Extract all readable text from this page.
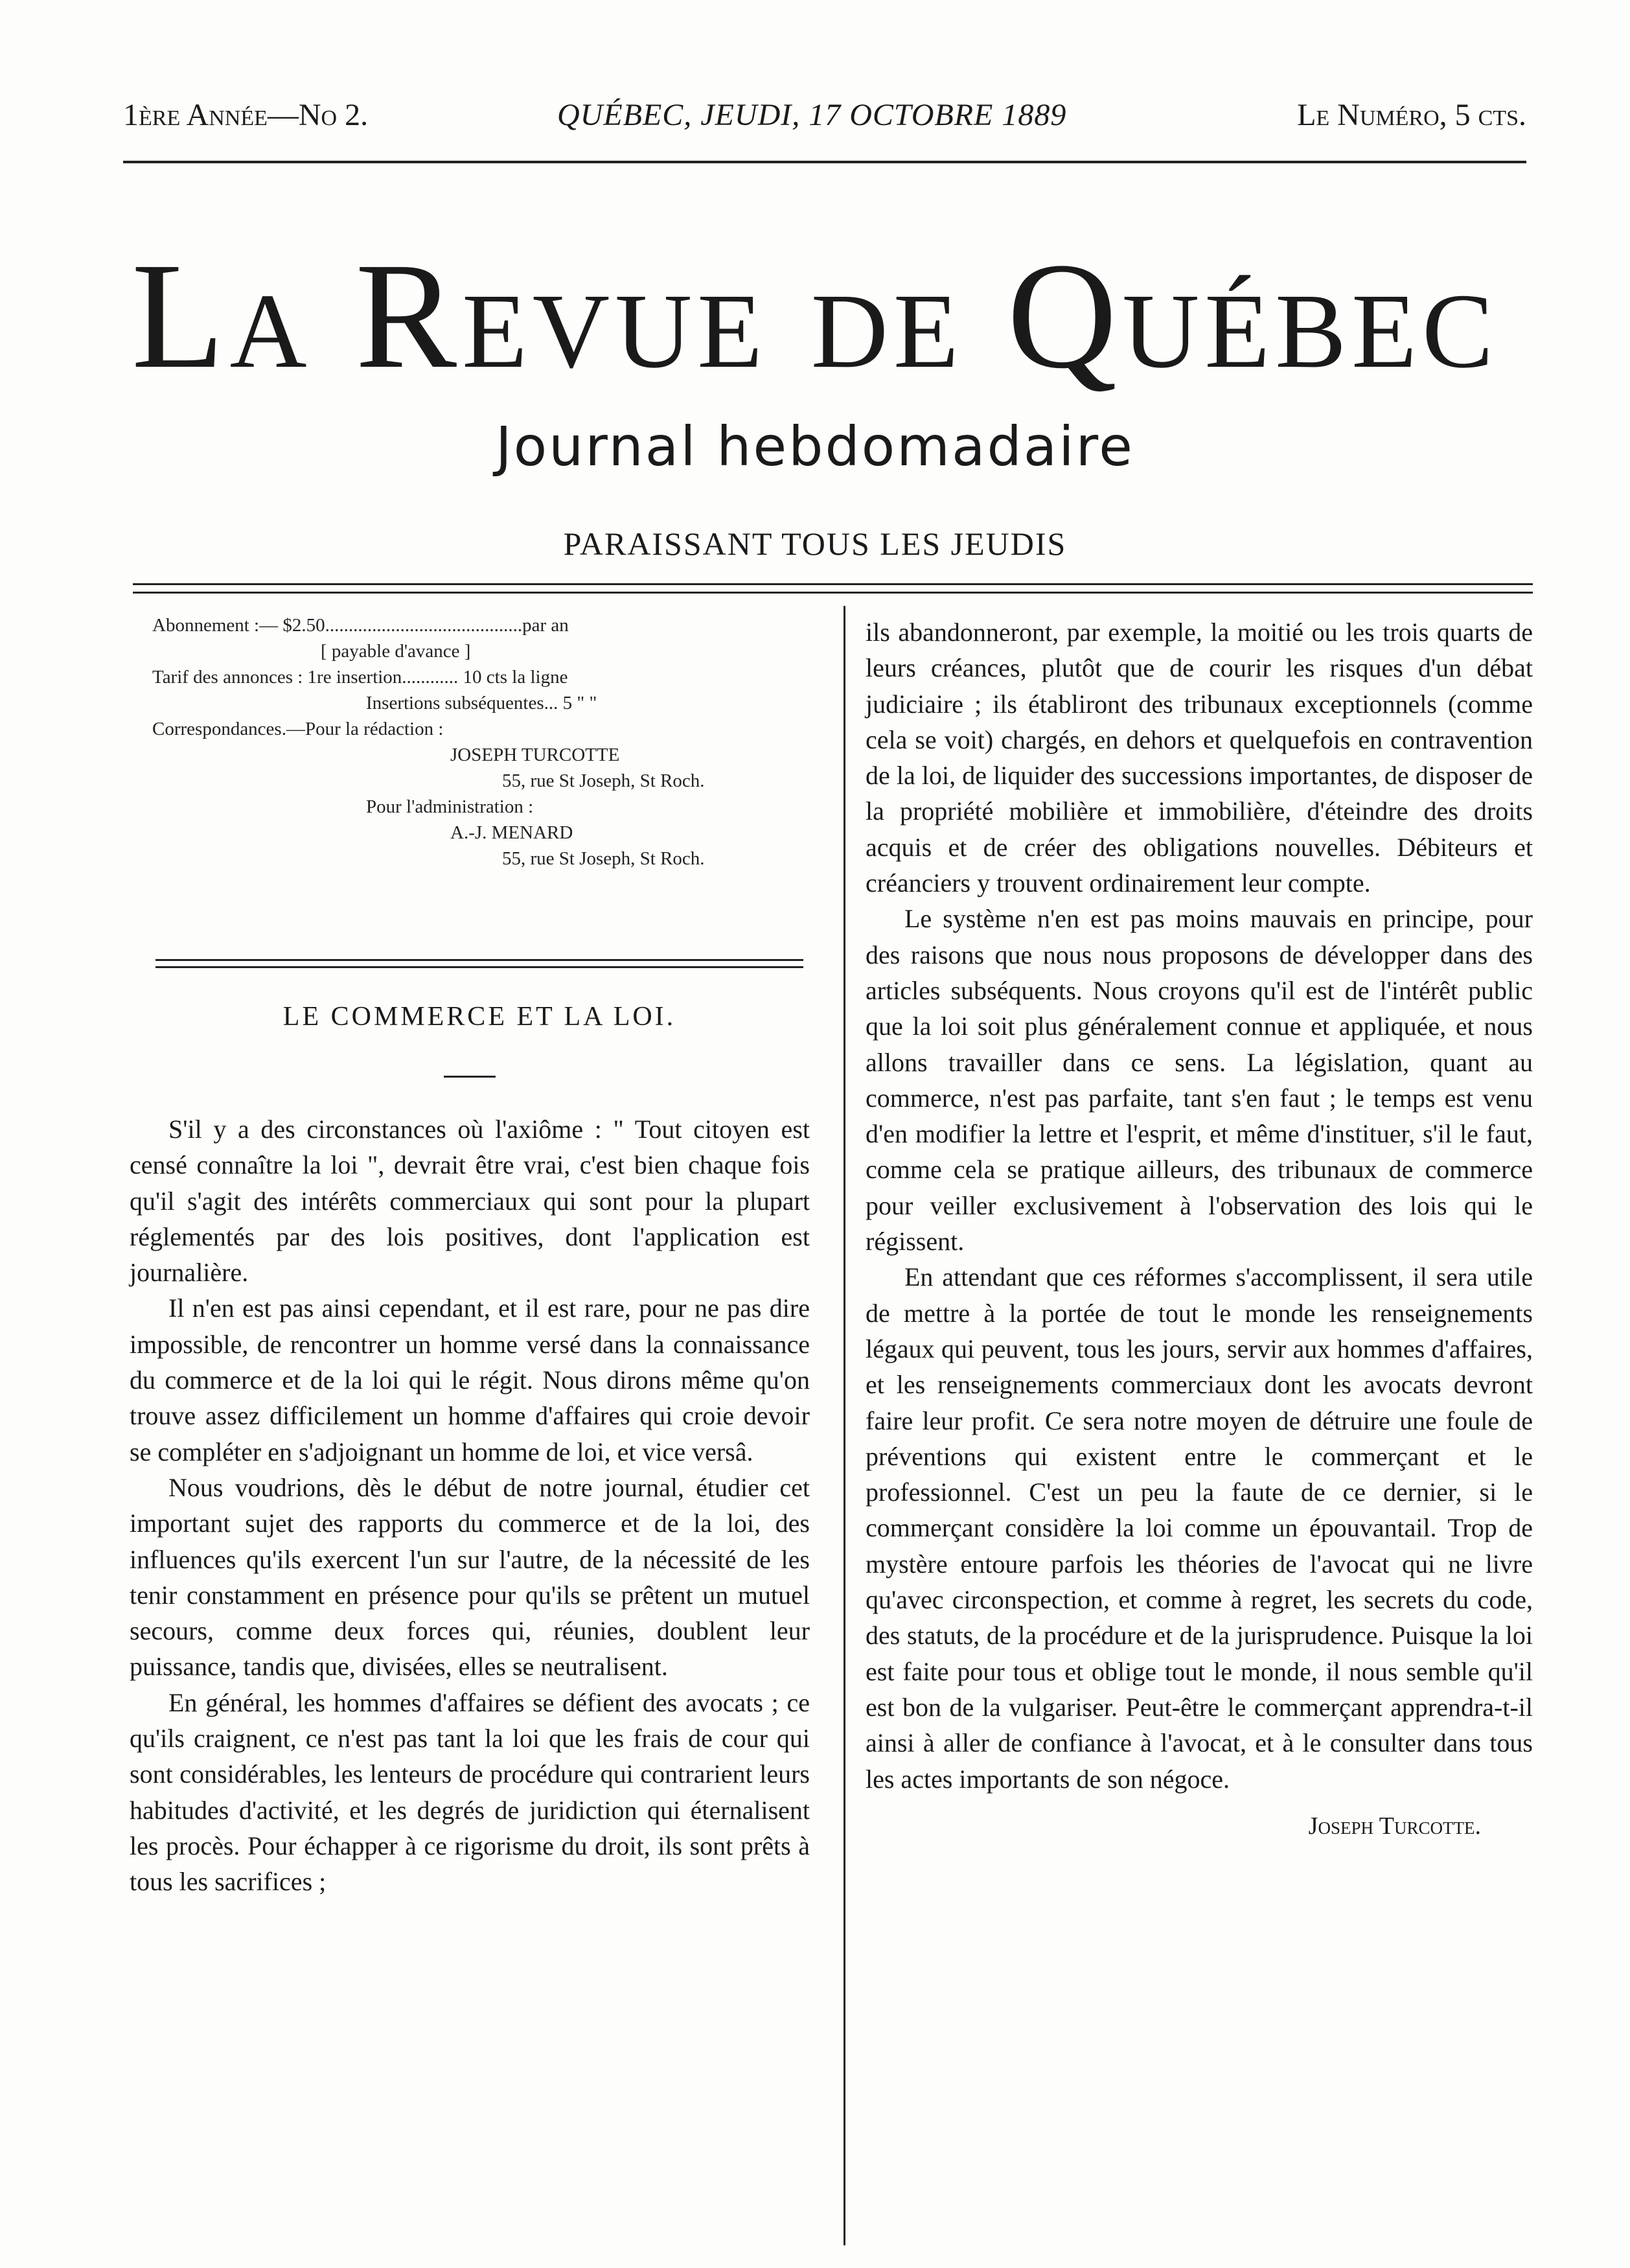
1ère Année—No 2.	QUÉBEC, JEUDI, 17 OCTOBRE 1889	Le Numéro, 5 cts.
La Revue de Québec
Journal hebdomadaire
PARAISSANT TOUS LES JEUDIS
Abonnement :— $2.50..........................................par an
[ payable d'avance ]
Tarif des annonces : 1re insertion............ 10 cts la ligne
Insertions subséquentes... 5 " "
Correspondances.—Pour la rédaction :
JOSEPH TURCOTTE
55, rue St Joseph, St Roch.
Pour l'administration :
A.-J. MENARD
55, rue St Joseph, St Roch.
LE COMMERCE ET LA LOI.

S'il y a des circonstances où l'axiôme : " Tout citoyen est censé connaître la loi ", devrait être vrai, c'est bien chaque fois qu'il s'agit des intérêts commerciaux qui sont pour la plupart réglementés par des lois positives, dont l'application est journalière.

Il n'en est pas ainsi cependant, et il est rare, pour ne pas dire impossible, de rencontrer un homme versé dans la connaissance du commerce et de la loi qui le régit. Nous dirons même qu'on trouve assez difficilement un homme d'affaires qui croie devoir se compléter en s'adjoignant un homme de loi, et vice versâ.

Nous voudrions, dès le début de notre journal, étudier cet important sujet des rapports du commerce et de la loi, des influences qu'ils exercent l'un sur l'autre, de la nécessité de les tenir constamment en présence pour qu'ils se prêtent un mutuel secours, comme deux forces qui, réunies, doublent leur puissance, tandis que, divisées, elles se neutralisent.

En général, les hommes d'affaires se défient des avocats ; ce qu'ils craignent, ce n'est pas tant la loi que les frais de cour qui sont considérables, les lenteurs de procédure qui contrarient leurs habitudes d'activité, et les degrés de juridiction qui éternalisent les procès. Pour échapper à ce rigorisme du droit, ils sont prêts à tous les sacrifices ;

ils abandonneront, par exemple, la moitié ou les trois quarts de leurs créances, plutôt que de courir les risques d'un débat judiciaire ; ils établiront des tribunaux exceptionnels (comme cela se voit) chargés, en dehors et quelquefois en contravention de la loi, de liquider des successions importantes, de disposer de la propriété mobilière et immobilière, d'éteindre des droits acquis et de créer des obligations nouvelles. Débiteurs et créanciers y trouvent ordinairement leur compte.

Le système n'en est pas moins mauvais en principe, pour des raisons que nous nous proposons de développer dans des articles subséquents. Nous croyons qu'il est de l'intérêt public que la loi soit plus généralement connue et appliquée, et nous allons travailler dans ce sens. La législation, quant au commerce, n'est pas parfaite, tant s'en faut ; le temps est venu d'en modifier la lettre et l'esprit, et même d'instituer, s'il le faut, comme cela se pratique ailleurs, des tribunaux de commerce pour veiller exclusivement à l'observation des lois qui le régissent.

En attendant que ces réformes s'accomplissent, il sera utile de mettre à la portée de tout le monde les renseignements légaux qui peuvent, tous les jours, servir aux hommes d'affaires, et les renseignements commerciaux dont les avocats devront faire leur profit. Ce sera notre moyen de détruire une foule de préventions qui existent entre le commerçant et le professionnel. C'est un peu la faute de ce dernier, si le commerçant considère la loi comme un épouvantail. Trop de mystère entoure parfois les théories de l'avocat qui ne livre qu'avec circonspection, et comme à regret, les secrets du code, des statuts, de la procédure et de la jurisprudence. Puisque la loi est faite pour tous et oblige tout le monde, il nous semble qu'il est bon de la vulgariser. Peut-être le commerçant apprendra-t-il ainsi à aller de confiance à l'avocat, et à le consulter dans tous les actes importants de son négoce.

Joseph Turcotte.
